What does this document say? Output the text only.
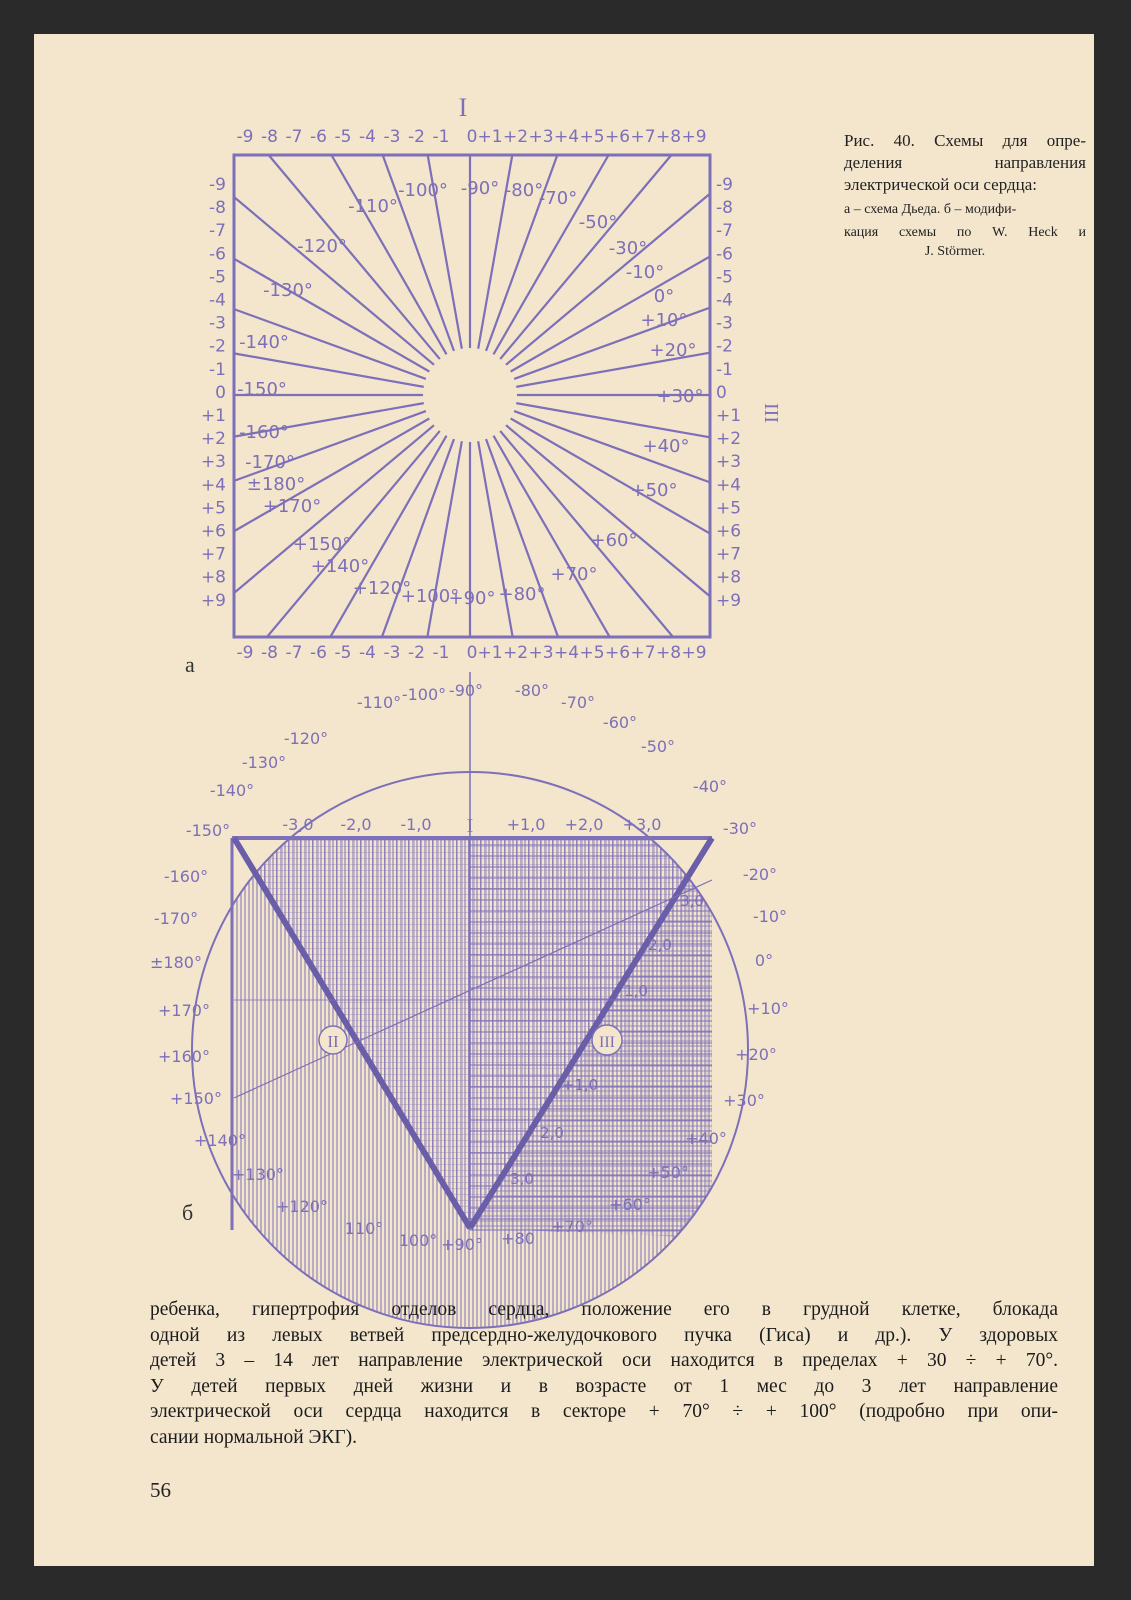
Рис. 40. Схемы для опре-
деления направления
электрической оси сердца:
а – схема Дьеда. б – модифи-
кация схемы по W. Heck и
J. Störmer.
I
III
-9 -8 -7 -6 -5 -4 -3 -2 -1 0 +1 +2 +3 +4 +5 +6 +7 +8 +9
-9 -8 -7 -6 -5 -4 -3 -2 -1 0 +1 +2 +3 +4 +5 +6 +7 +8 +9
-9
-8
-7
-6
-5
-4
-3
-2
-1
0
+1
+2
+3
+4
+5
+6
+7
+8
+9
-9
-8
-7
-6
-5
-4
-3
-2
-1
0
+1
+2
+3
+4
+5
+6
+7
+8
+9
-110°
-100° -90° -80°
-70°
-50°
-30°
-10°
0°
+10°
+20°
+30°
+40°
+50°
+60°
+70°
+80°
+90°
+100°
+120°
+140°
+150°
+170°
±180°
-170°
-160°
-150°
-140°
-130°
-120°
а
II	III
I
-3,0 -2,0 -1,0	+1,0 +2,0 +3,0
3,0
2,0
1,0
+1,0
2,0
3,0
-110° -100° -90° -80°
-70°
-60°
-50°
-40°
-30°
-20°
-10°
0°
+10°
+20°
+30°
+40°
+50°
+60°
+70°
+80
+90°
100°
110°
+120°
+130°
+140°
+150°
+160°
+170°
±180°
-170°
-160°
-150°
-140°
-130°
-120°
б
ребенка, гипертрофия отделов сердца, положение его в грудной клетке, блокада
одной из левых ветвей предсердно-желудочкового пучка (Гиса) и др.). У здоровых
детей 3 – 14 лет направление электрической оси находится в пределах + 30 ÷ + 70°.
У детей первых дней жизни и в возрасте от 1 мес до 3 лет направление
электрической оси сердца находится в секторе + 70° ÷ + 100° (подробно при опи-
сании нормальной ЭКГ).
56
